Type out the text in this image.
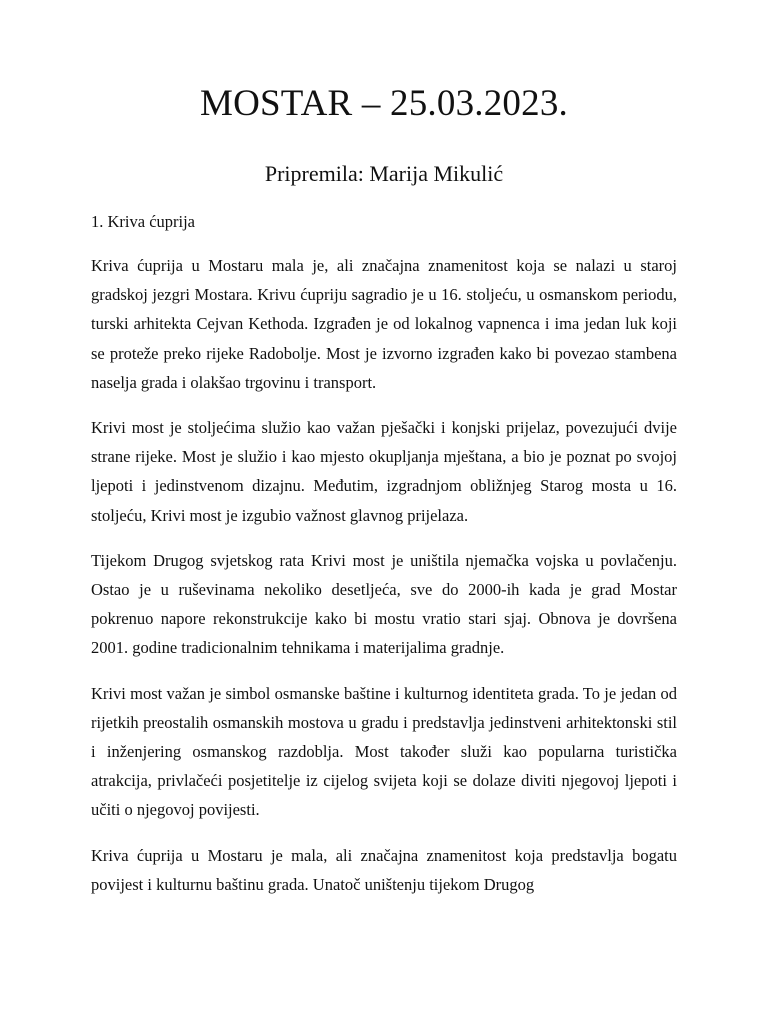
MOSTAR – 25.03.2023.

Pripremila: Marija Mikulić

1. Kriva ćuprija

Kriva ćuprija u Mostaru mala je, ali značajna znamenitost koja se nalazi u staroj gradskoj jezgri Mostara. Krivu ćupriju sagradio je u 16. stoljeću, u osmanskom periodu, turski arhitekta Cejvan Kethoda. Izgrađen je od lokalnog vapnenca i ima jedan luk koji se proteže preko rijeke Radobolje. Most je izvorno izgrađen kako bi povezao stambena naselja grada i olakšao trgovinu i transport.

Krivi most je stoljećima služio kao važan pješački i konjski prijelaz, povezujući dvije strane rijeke. Most je služio i kao mjesto okupljanja mještana, a bio je poznat po svojoj ljepoti i jedinstvenom dizajnu. Međutim, izgradnjom obližnjeg Starog mosta u 16. stoljeću, Krivi most je izgubio važnost glavnog prijelaza.

Tijekom Drugog svjetskog rata Krivi most je uništila njemačka vojska u povlačenju. Ostao je u ruševinama nekoliko desetljeća, sve do 2000-ih kada je grad Mostar pokrenuo napore rekonstrukcije kako bi mostu vratio stari sjaj. Obnova je dovršena 2001. godine tradicionalnim tehnikama i materijalima gradnje.

Krivi most važan je simbol osmanske baštine i kulturnog identiteta grada. To je jedan od rijetkih preostalih osmanskih mostova u gradu i predstavlja jedinstveni arhitektonski stil i inženjering osmanskog razdoblja. Most također služi kao popularna turistička atrakcija, privlačeći posjetitelje iz cijelog svijeta koji se dolaze diviti njegovoj ljepoti i učiti o njegovoj povijesti.

Kriva ćuprija u Mostaru je mala, ali značajna znamenitost koja predstavlja bogatu povijest i kulturnu baštinu grada. Unatoč uništenju tijekom Drugog
